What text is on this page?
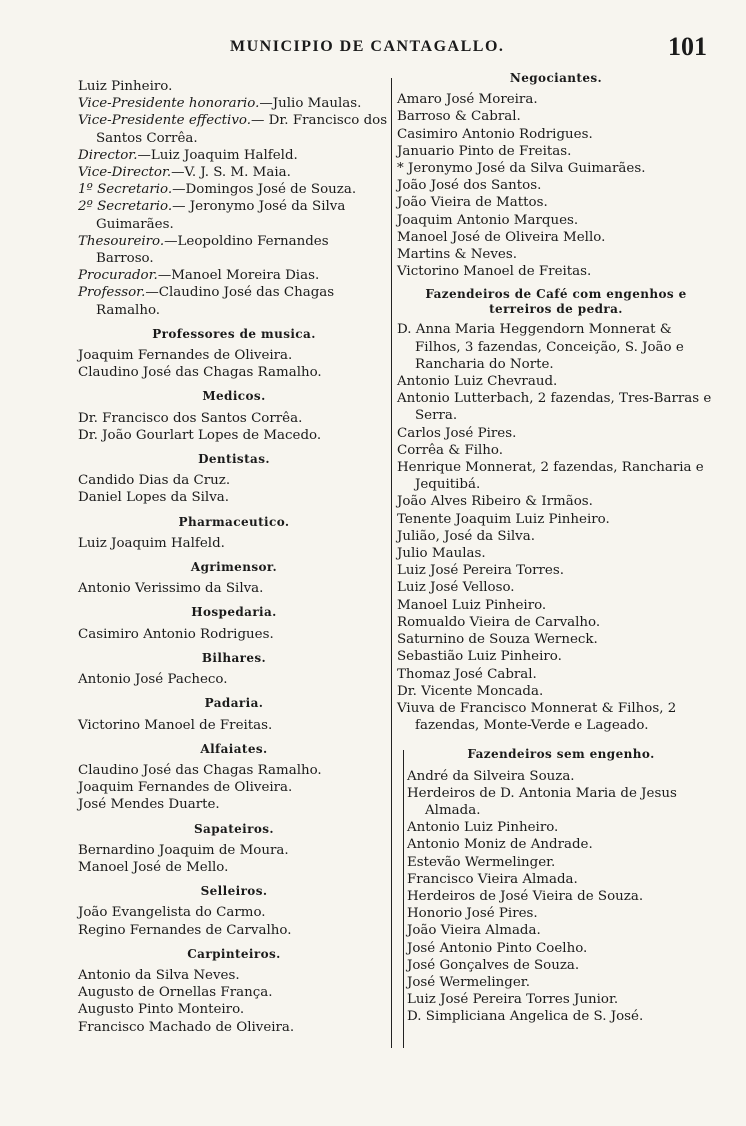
MUNICIPIO DE CANTAGALLO.	101
Luiz Pinheiro.
Vice-Presidente honorario.—Julio Maulas.
Vice-Presidente effectivo.— Dr. Francisco dos Santos Corrêa.
Director.—Luiz Joaquim Halfeld.
Vice-Director.—V. J. S. M. Maia.
1º Secretario.—Domingos José de Souza.
2º Secretario.— Jeronymo José da Silva Guimarães.
Thesoureiro.—Leopoldino Fernandes Barroso.
Procurador.—Manoel Moreira Dias.
Professor.—Claudino José das Chagas Ramalho.
Professores de musica.
Joaquim Fernandes de Oliveira.
Claudino José das Chagas Ramalho.
Medicos.
Dr. Francisco dos Santos Corrêa.
Dr. João Gourlart Lopes de Macedo.
Dentistas.
Candido Dias da Cruz.
Daniel Lopes da Silva.
Pharmaceutico.
Luiz Joaquim Halfeld.
Agrimensor.
Antonio Verissimo da Silva.
Hospedaria.
Casimiro Antonio Rodrigues.
Bilhares.
Antonio José Pacheco.
Padaria.
Victorino Manoel de Freitas.
Alfaiates.
Claudino José das Chagas Ramalho.
Joaquim Fernandes de Oliveira.
José Mendes Duarte.
Sapateiros.
Bernardino Joaquim de Moura.
Manoel José de Mello.
Selleiros.
João Evangelista do Carmo.
Regino Fernandes de Carvalho.
Carpinteiros.
Antonio da Silva Neves.
Augusto de Ornellas França.
Augusto Pinto Monteiro.
Francisco Machado de Oliveira.
Negociantes.
Amaro José Moreira.
Barroso & Cabral.
Casimiro Antonio Rodrigues.
Januario Pinto de Freitas.
* Jeronymo José da Silva Guimarães.
João José dos Santos.
João Vieira de Mattos.
Joaquim Antonio Marques.
Manoel José de Oliveira Mello.
Martins & Neves.
Victorino Manoel de Freitas.
Fazendeiros de Café com engenhos e terreiros de pedra.
D. Anna Maria Heggendorn Monnerat & Filhos, 3 fazendas, Conceição, S. João e Rancharia do Norte.
Antonio Luiz Chevraud.
Antonio Lutterbach, 2 fazendas, Tres-Barras e Serra.
Carlos José Pires.
Corrêa & Filho.
Henrique Monnerat, 2 fazendas, Rancharia e Jequitibá.
João Alves Ribeiro & Irmãos.
Tenente Joaquim Luiz Pinheiro.
Julião, José da Silva.
Julio Maulas.
Luiz José Pereira Torres.
Luiz José Velloso.
Manoel Luiz Pinheiro.
Romualdo Vieira de Carvalho.
Saturnino de Souza Werneck.
Sebastião Luiz Pinheiro.
Thomaz José Cabral.
Dr. Vicente Moncada.
Viuva de Francisco Monnerat & Filhos, 2 fazendas, Monte-Verde e Lageado.
Fazendeiros sem engenho.
André da Silveira Souza.
Herdeiros de D. Antonia Maria de Jesus Almada.
Antonio Luiz Pinheiro.
Antonio Moniz de Andrade.
Estevão Wermelinger.
Francisco Vieira Almada.
Herdeiros de José Vieira de Souza.
Honorio José Pires.
João Vieira Almada.
José Antonio Pinto Coelho.
José Gonçalves de Souza.
José Wermelinger.
Luiz José Pereira Torres Junior.
D. Simpliciana Angelica de S. José.
